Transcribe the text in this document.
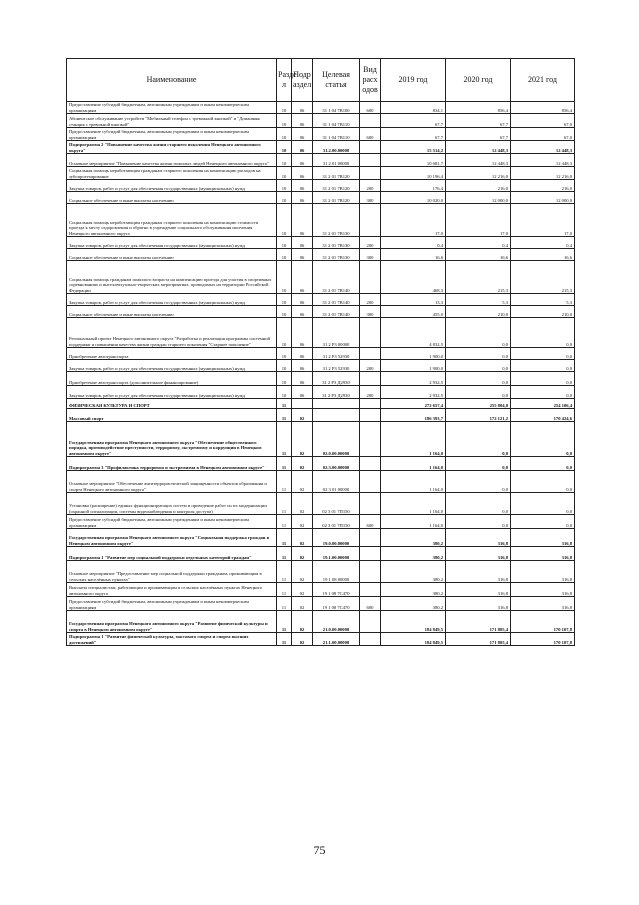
Наименование	Разде л	Подр аздел	Целевая статья	Вид расх одов	2019 год	2020 год	2021 год
Предоставление субсидий бюджетным, автономным учреждениям и иным некоммерческим организациям	10	06	31 1 04 7В100	600	834,1	856,4	856,4
Абонентское обслуживание устройств "Мобильный телефон с тревожной кнопкой" и "Домашняя станция с тревожной кнопкой"	10	06	31 1 04 7В110		67,7	67,7	67,0
Предоставление субсидий бюджетным, автономным учреждениям и иным некоммерческим организациям	10	06	31 1 04 7В110	600	67,7	67,7	67,0
Подпрограмма 2 "Повышение качества жизни старшего поколения Ненецкого автономного округа"	10	06	31.2.00.00000		15 514,2	12 448,3	12 448,3
Основное мероприятие "Повышение качества жизни пожилых людей Ненецкого автономного округа"	10	06	31 2 01 00000		10 681,7	12 448,3	12 448,3
Социальная помощь неработающим гражданам старшего поколения на компенсацию расходов на зубопротезирование	10	06	31 2 01 7В120		10 196,4	12 216,0	12 216,0
Закупка товаров, работ и услуг для обеспечения государственных (муниципальных) нужд	10	06	31 2 01 7В120	200	176,4	216,0	216,0
Социальное обеспечение и иные выплаты населению	10	06	31 2 01 7В120	300	10 020,0	12 000,0	12 000,0
Социальная помощь неработающим гражданам старшего поколения на компенсацию стоимости проезда к месту оздоровления и обратно в учреждение социального обслуживания населения Ненецкого автономного округа	10	06	31 2 01 7В130		17,0	17,0	17,0
Закупка товаров, работ и услуг для обеспечения государственных (муниципальных) нужд	10	06	31 2 01 7В130	200	0,4	0,4	0,4
Социальное обеспечение и иные выплаты населению	10	06	31 2 01 7В130	300	16,6	16,6	16,6
Социальная помощь гражданам пожилого возраста на компенсацию проезда для участия в спортивных соревнованиях и интеллектуально-творческих мероприятиях, проводимых на территории Российской Федерации	10	06	31 2 01 7В140		468,3	215,3	215,3
Закупка товаров, работ и услуг для обеспечения государственных (муниципальных) нужд	10	06	31 2 01 7В140	200	13,3	5,3	5,3
Социальное обеспечение и иные выплаты населению	10	06	31 2 01 7В140	300	455,0	210,0	210,0
Региональный проект Ненецкого автономного округа "Разработка и реализация программы системной поддержки и повышения качества жизни граждан старшего поколения "Старшее поколение"	10	06	31 2 P3 00000		4 832,5	0,0	0,0
Приобретение автотранспорта	10	06	31 2 P3 52930		1 900,0	0,0	0,0
Закупка товаров, работ и услуг для обеспечения государственных (муниципальных) нужд	10	06	31 2 P3 52930	200	1 900,0	0,0	0,0
Приобретение автотранспорта (дополнительное финансирование)	10	06	31 2 P3 Д2930		2 932,5	0,0	0,0
Закупка товаров, работ и услуг для обеспечения государственных (муниципальных) нужд	10	06	31 2 P3 Д2930	200	2 932,5	0,0	0,0
ФИЗИЧЕСКАЯ КУЛЬТУРА И СПОРТ	11				272 657,4	255 804,0	254 106,4
Массовый спорт	11	02			186 393,7	172 121,2	170 424,6
Государственная программа Ненецкого автономного округа "Обеспечение общественного порядка, противодействие преступности, терроризму, экстремизму и коррупции в Ненецком автономном округе"	11	02	02.0.00.00000		1 164,0	0,0	0,0
Подпрограмма 3 "Профилактика терроризма и экстремизма в Ненецком автономном округе"	11	02	02.3.00.00000		1 164,0	0,0	0,0
Основное мероприятие "Обеспечение антитеррористической защищенности объектов образования и спорта Ненецкого автономного округа"	11	02	02 3 01 00000		1 164,0	0,0	0,0
Установка (расширение) единых функционирующих систем и проведение работ по их модернизации (охранной сигнализации, системы видеонаблюдения и контроля доступа)	11	02	02 3 01 7П150		1 164,0	0,0	0,0
Предоставление субсидий бюджетным, автономным учреждениям и иным некоммерческим организациям	11	02	02 3 01 7П150	600	1 164,0	0,0	0,0
Государственная программа Ненецкого автономного округа "Социальная поддержка граждан в Ненецком автономном округе"	11	02	19.0.00.00000		380,2	316,8	316,8
Подпрограмма 1 "Развитие мер социальной поддержки отдельных категорий граждан"	11	02	19.1.00.00000		380,2	316,8	316,8
Основное мероприятие "Предоставление мер социальной поддержки гражданам, проживающим в сельских населённых пунктах"	11	02	19 1 08 00000		380,2	316,8	316,8
Выплаты специалистам, работающим и проживающим в сельских населённых пунктах Ненецкого автономного округа	11	02	19 1 08 7С470		380,2	316,8	316,8
Предоставление субсидий бюджетным, автономным учреждениям и иным некоммерческим организациям	11	02	19 1 08 7С470	600	380,2	316,8	316,8
Государственная программа Ненецкого автономного округа "Развитие физической культуры и спорта в Ненецком автономном округе"	11	02	21.0.00.00000		184 849,5	171 805,4	170 107,8
Подпрограмма 1 "Развитие физической культуры, массового спорта и спорта высших достижений"	11	02	21.1.00.00000		184 849,5	171 805,4	170 107,8
75
